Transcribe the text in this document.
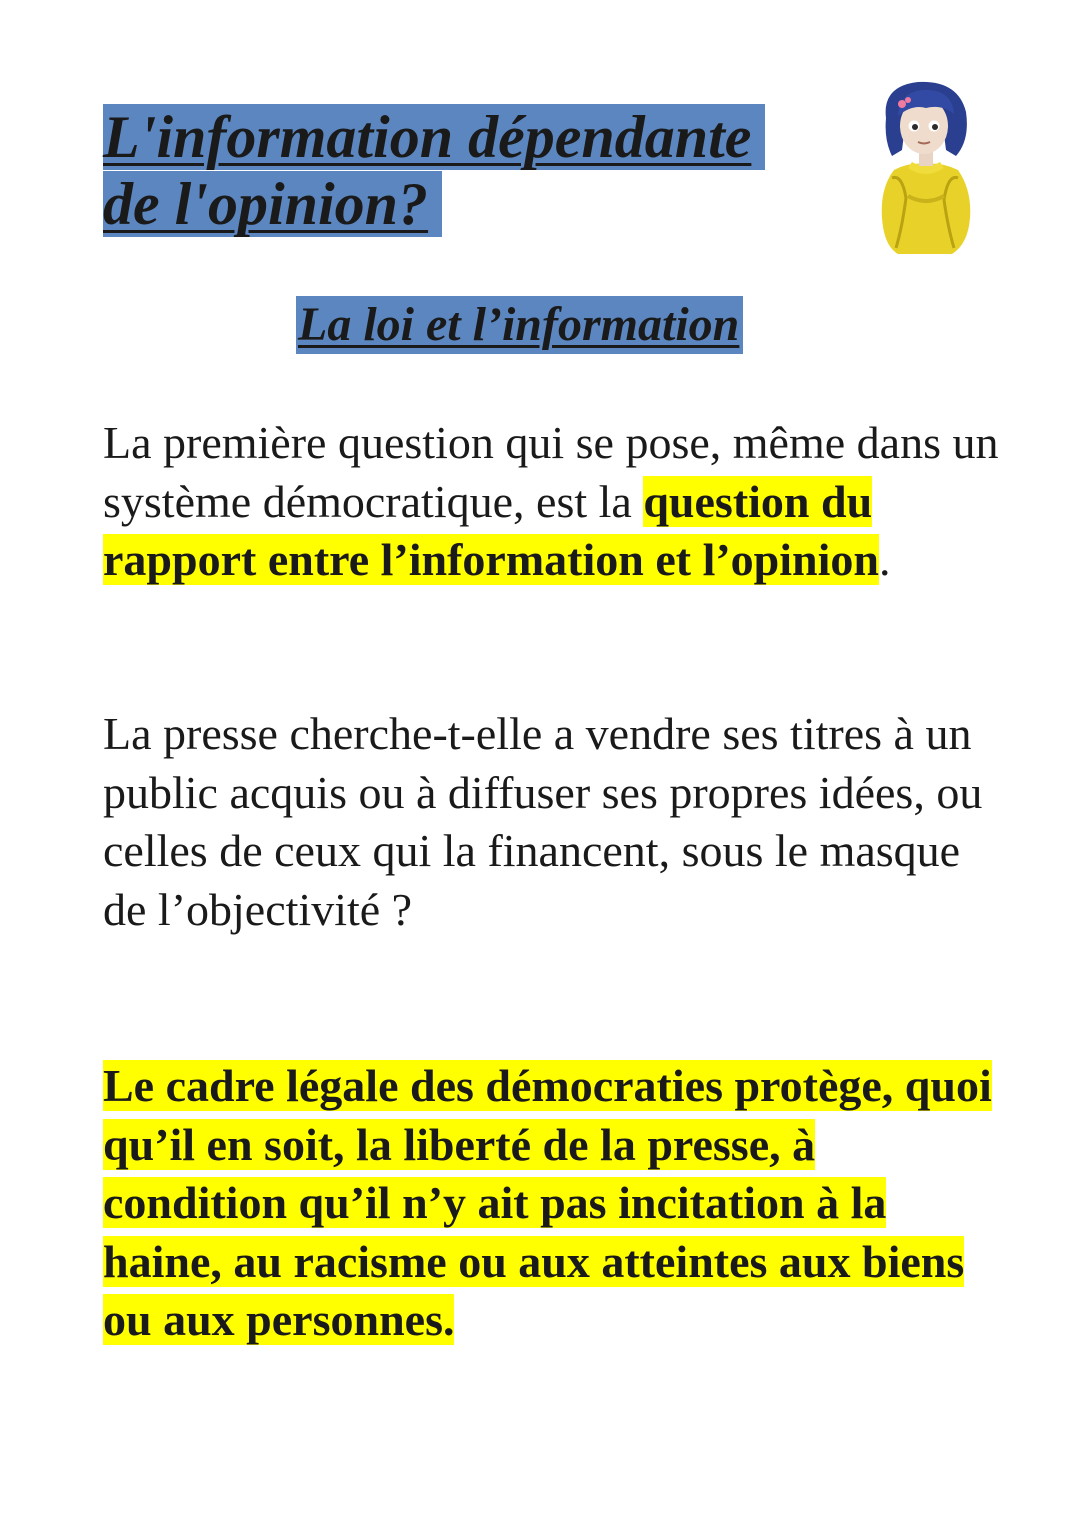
L'information dépendante
de l'opinion?
La loi et l’information

La première question qui se pose, même dans un système démocratique, est la question du rapport entre l’information et l’opinion.

La presse cherche-t-elle a vendre ses titres à un public acquis ou à diffuser ses propres idées, ou celles de ceux qui la financent, sous le masque de l’objectivité ?

Le cadre légale des démocraties protège, quoi qu’il en soit, la liberté de la presse, à condition qu’il n’y ait pas incitation à la haine, au racisme ou aux atteintes aux biens ou aux personnes.
